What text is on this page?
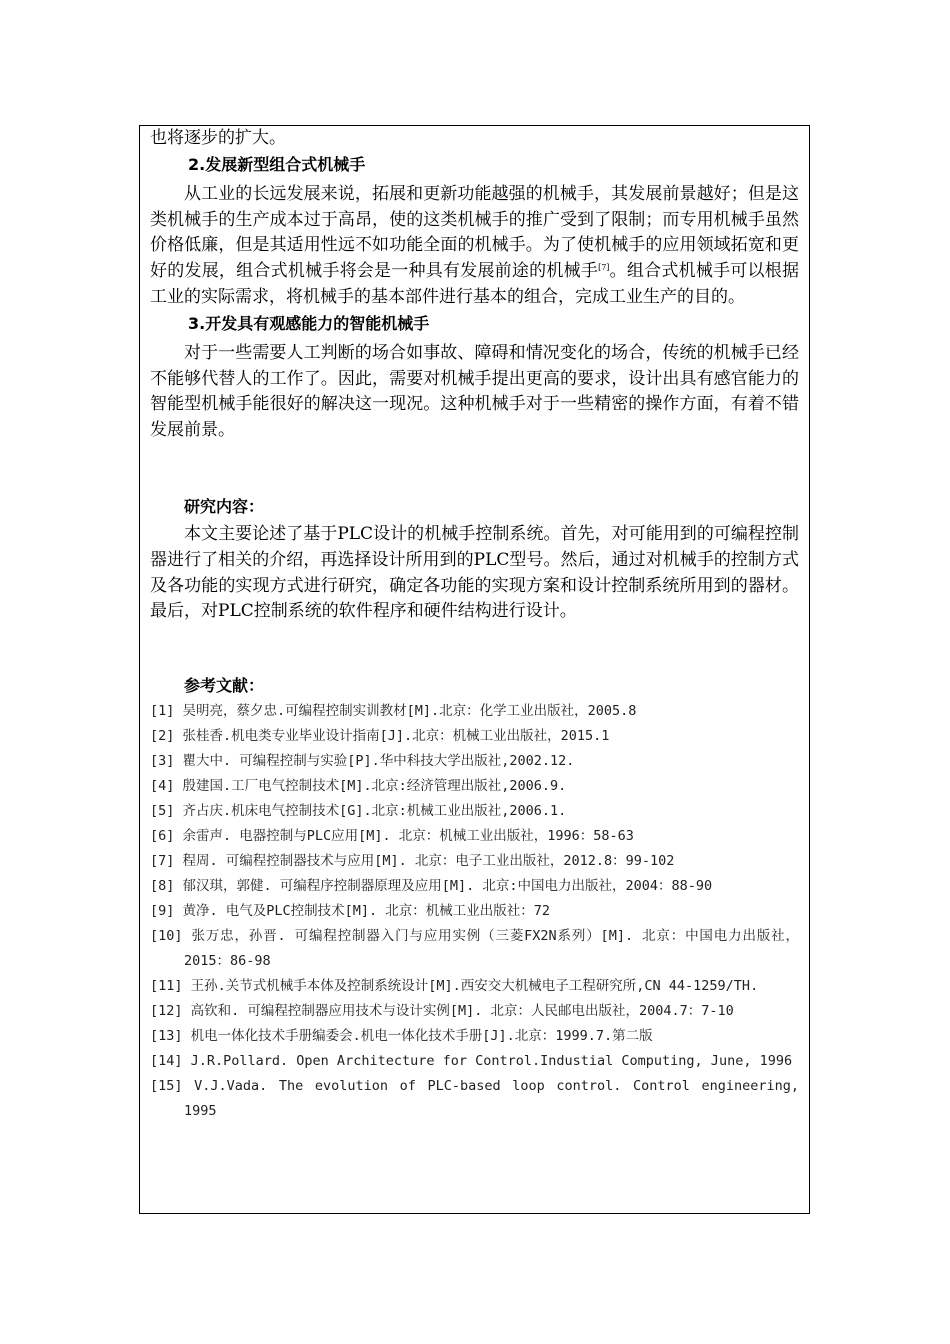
也将逐步的扩大。

2.发展新型组合式机械手

从工业的长远发展来说，拓展和更新功能越强的机械手，其发展前景越好；但是这类机械手的生产成本过于高昂，使的这类机械手的推广受到了限制；而专用机械手虽然价格低廉，但是其适用性远不如功能全面的机械手。为了使机械手的应用领域拓宽和更好的发展，组合式机械手将会是一种具有发展前途的机械手[7]。组合式机械手可以根据工业的实际需求，将机械手的基本部件进行基本的组合，完成工业生产的目的。

3.开发具有观感能力的智能机械手

对于一些需要人工判断的场合如事故、障碍和情况变化的场合，传统的机械手已经不能够代替人的工作了。因此，需要对机械手提出更高的要求，设计出具有感官能力的智能型机械手能很好的解决这一现况。这种机械手对于一些精密的操作方面，有着不错发展前景。

研究内容：

本文主要论述了基于PLC设计的机械手控制系统。首先，对可能用到的可编程控制器进行了相关的介绍，再选择设计所用到的PLC型号。然后，通过对机械手的控制方式及各功能的实现方式进行研究，确定各功能的实现方案和设计控制系统所用到的器材。最后，对PLC控制系统的软件程序和硬件结构进行设计。

参考文献：

[1] 吴明亮，蔡夕忠.可编程控制实训教材[M].北京：化学工业出版社，2005.8
[2] 张桂香.机电类专业毕业设计指南[J].北京：机械工业出版社，2015.1
[3] 瞿大中. 可编程控制与实验[P].华中科技大学出版社,2002.12.
[4] 殷建国.工厂电气控制技术[M].北京:经济管理出版社,2006.9.
[5] 齐占庆.机床电气控制技术[G].北京:机械工业出版社,2006.1.
[6] 余雷声. 电器控制与PLC应用[M]. 北京：机械工业出版社，1996：58-63
[7] 程周. 可编程控制器技术与应用[M]. 北京：电子工业出版社，2012.8：99-102
[8] 郁汉琪，郭健. 可编程序控制器原理及应用[M]. 北京:中国电力出版社，2004：88-90
[9] 黄净. 电气及PLC控制技术[M]. 北京：机械工业出版社：72
[10] 张万忠，孙晋. 可编程控制器入门与应用实例（三菱FX2N系列）[M]. 北京：中国电力出版社，2015：86-98
[11] 王孙.关节式机械手本体及控制系统设计[M].西安交大机械电子工程研究所,CN 44-1259/TH.
[12] 高钦和. 可编程控制器应用技术与设计实例[M]. 北京：人民邮电出版社，2004.7：7-10
[13] 机电一体化技术手册编委会.机电一体化技术手册[J].北京：1999.7.第二版
[14] J.R.Pollard. Open Architecture for Control.Industial Computing, June, 1996
[15] V.J.Vada. The evolution of PLC-based loop control. Control engineering, 1995
